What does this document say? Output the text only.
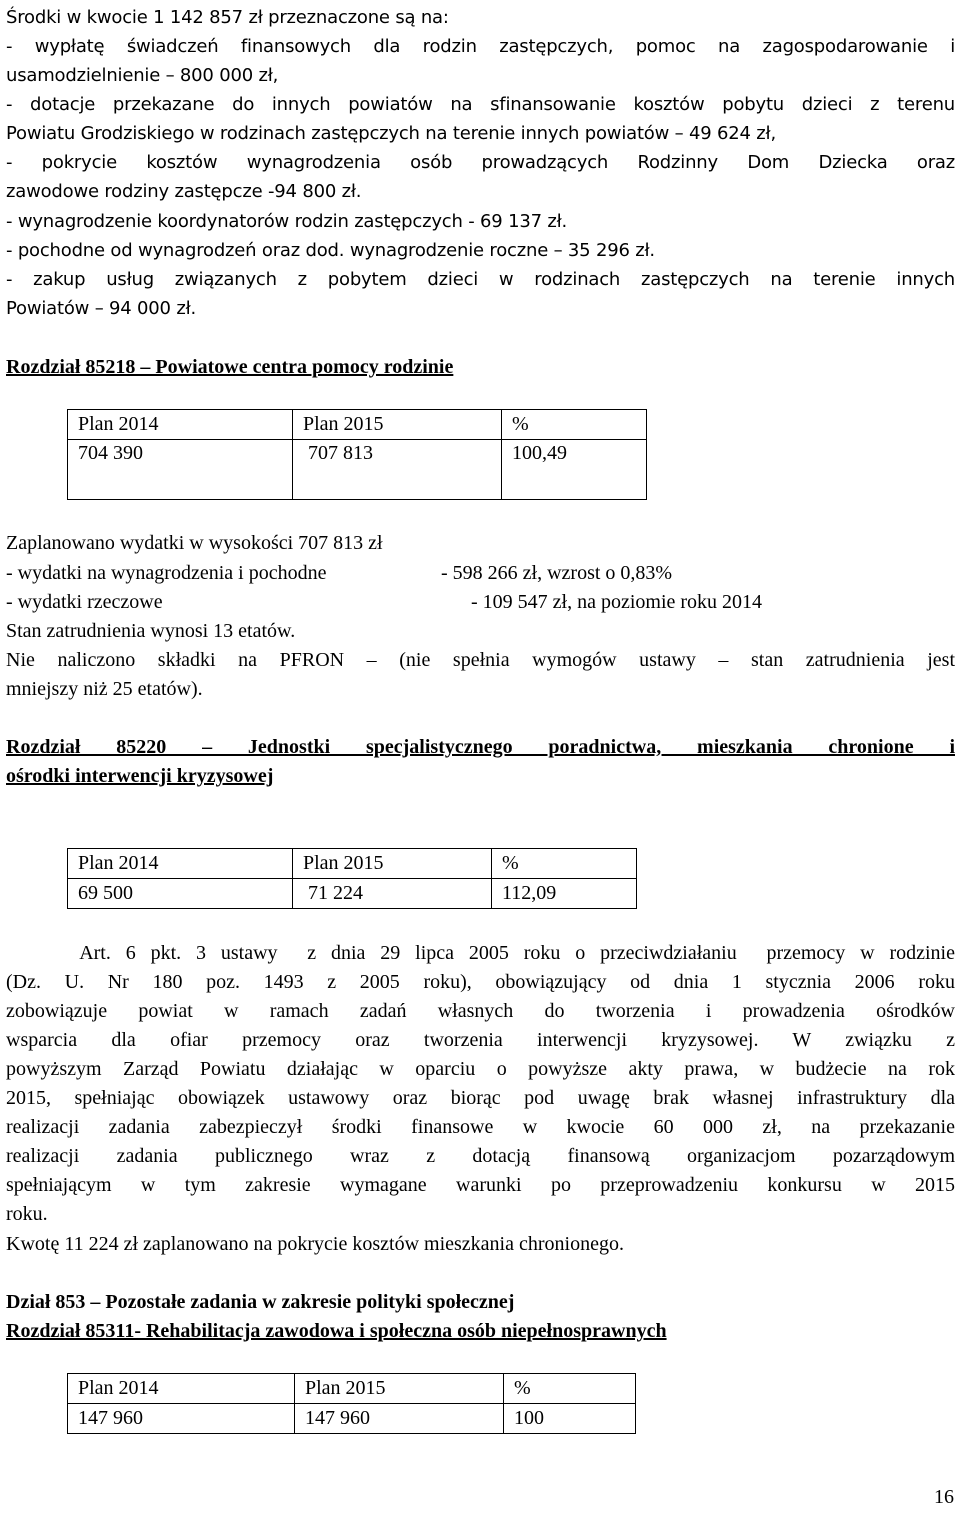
Środki w kwocie 1 142 857 zł przeznaczone są na:
- wypłatę świadczeń finansowych dla rodzin zastępczych, pomoc na zagospodarowanie i
usamodzielnienie – 800 000 zł,
- dotacje przekazane do innych powiatów na sfinansowanie kosztów pobytu dzieci z terenu
Powiatu Grodziskiego w rodzinach zastępczych na terenie innych powiatów – 49 624 zł,
- pokrycie kosztów wynagrodzenia osób prowadzących Rodzinny Dom Dziecka oraz
zawodowe rodziny zastępcze -94 800 zł.
- wynagrodzenie koordynatorów rodzin zastępczych - 69 137 zł.
- pochodne od wynagrodzeń oraz dod. wynagrodzenie roczne – 35 296 zł.
- zakup usług związanych z pobytem dzieci w rodzinach zastępczych na terenie innych
Powiatów – 94 000 zł.
Rozdział 85218 – Powiatowe centra pomocy rodzinie
Plan 2014	Plan 2015	%
704 390	707 813	100,49
Zaplanowano wydatki w wysokości 707 813 zł
- wydatki na wynagrodzenia i pochodne	- 598 266 zł, wzrost o 0,83%
- wydatki rzeczowe	- 109 547 zł, na poziomie roku 2014
Stan zatrudnienia wynosi 13 etatów.
Nie naliczono składki na PFRON – (nie spełnia wymogów ustawy – stan zatrudnienia jest
mniejszy niż 25 etatów).
Rozdział 85220 – Jednostki specjalistycznego poradnictwa, mieszkania chronione i
ośrodki interwencji kryzysowej
Plan 2014	Plan 2015	%
69 500	71 224	112,09
Art. 6 pkt. 3 ustawy  z dnia 29 lipca 2005 roku o przeciwdziałaniu  przemocy w rodzinie
(Dz. U. Nr 180 poz. 1493 z 2005 roku), obowiązujący od dnia 1 stycznia 2006 roku
zobowiązuje powiat w ramach zadań własnych do tworzenia i prowadzenia ośrodków
wsparcia dla ofiar przemocy oraz tworzenia interwencji kryzysowej. W związku z
powyższym Zarząd Powiatu działając w oparciu o powyższe akty prawa, w budżecie na rok
2015, spełniając obowiązek ustawowy oraz biorąc pod uwagę brak własnej infrastruktury dla
realizacji zadania zabezpieczył środki finansowe w kwocie 60 000 zł, na przekazanie
realizacji zadania publicznego wraz z dotacją finansową organizacjom pozarządowym
spełniającym w tym zakresie wymagane warunki po przeprowadzeniu konkursu w 2015
roku.
Kwotę 11 224 zł zaplanowano na pokrycie kosztów mieszkania chronionego.
Dział 853 – Pozostałe zadania w zakresie polityki społecznej
Rozdział 85311- Rehabilitacja zawodowa i społeczna osób niepełnosprawnych
Plan 2014	Plan 2015	%
147 960	147 960	100
16
